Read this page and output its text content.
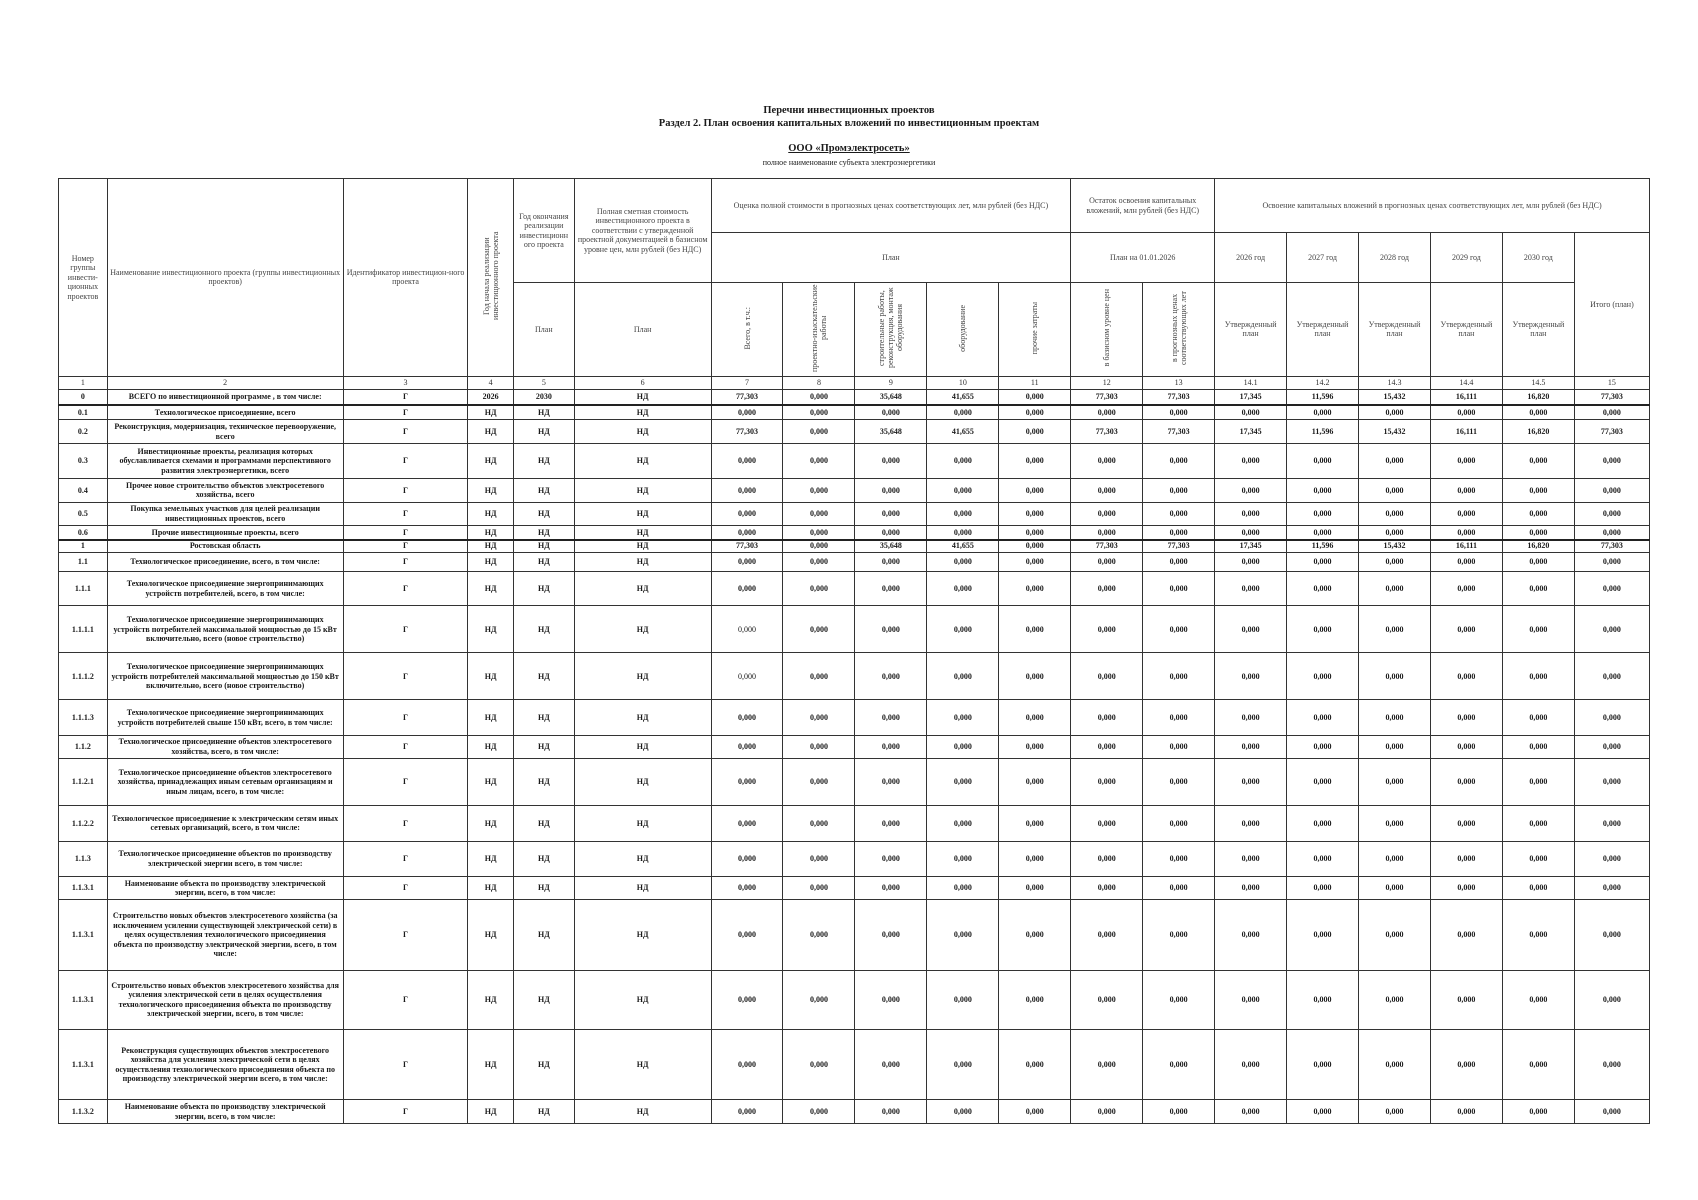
Перечни инвестиционных проектов
Раздел 2. План освоения капитальных вложений по инвестиционным проектам
ООО «Промэлектросеть»
полное наименование субъекта электроэнергетики
Номер группы инвести-ционных проектов	Наименование инвестиционного проекта (группы инвестиционных проектов)	Идентификатор инвестицион-ного проекта	Год начала реализации инвестиционного проекта	Год окончания реализации инвестиционн ого проекта	Полная сметная стоимость инвестиционного проекта в соответствии с утвержденной проектной документацией в базисном уровне цен, млн рублей (без НДС)	Оценка полной стоимости в прогнозных ценах соответствующих лет, млн рублей (без НДС)					Остаток освоения капитальных вложений, млн рублей (без НДС)		Освоение капитальных вложений в прогнозных ценах соответствующих лет, млн рублей (без НДС)					
						План					План на 01.01.2026		2026 год	2027 год	2028 год	2029 год	2030 год	Итого (план)
				План	План	Всего, в т.ч.:	проектно-изыскательские работы	строительные работы, реконструкция, монтаж оборудования	оборудование	прочие затраты	в базисном уровне цен	в прогнозных ценах соответствующих лет	Утвержденный план	Утвержденный план	Утвержденный план	Утвержденный план	Утвержденный план	
1	2	3	4	5	6	7	8	9	10	11	12	13	14.1	14.2	14.3	14.4	14.5	15
0	ВСЕГО по инвестиционной программе , в том числе:	Г	2026	2030	НД	77,303	0,000	35,648	41,655	0,000	77,303	77,303	17,345	11,596	15,432	16,111	16,820	77,303
0.1	Технологическое присоединение, всего	Г	НД	НД	НД	0,000	0,000	0,000	0,000	0,000	0,000	0,000	0,000	0,000	0,000	0,000	0,000	0,000
0.2	Реконструкция, модернизация, техническое перевооружение, всего	Г	НД	НД	НД	77,303	0,000	35,648	41,655	0,000	77,303	77,303	17,345	11,596	15,432	16,111	16,820	77,303
0.3	Инвестиционные проекты, реализация которых обуславливается схемами и программами перспективного развития электроэнергетики, всего	Г	НД	НД	НД	0,000	0,000	0,000	0,000	0,000	0,000	0,000	0,000	0,000	0,000	0,000	0,000	0,000
0.4	Прочее новое строительство объектов электросетевого хозяйства, всего	Г	НД	НД	НД	0,000	0,000	0,000	0,000	0,000	0,000	0,000	0,000	0,000	0,000	0,000	0,000	0,000
0.5	Покупка земельных участков для целей реализации инвестиционных проектов, всего	Г	НД	НД	НД	0,000	0,000	0,000	0,000	0,000	0,000	0,000	0,000	0,000	0,000	0,000	0,000	0,000
0.6	Прочие инвестиционные проекты, всего	Г	НД	НД	НД	0,000	0,000	0,000	0,000	0,000	0,000	0,000	0,000	0,000	0,000	0,000	0,000	0,000
1	Ростовская область	Г	НД	НД	НД	77,303	0,000	35,648	41,655	0,000	77,303	77,303	17,345	11,596	15,432	16,111	16,820	77,303
1.1	Технологическое присоединение, всего, в том числе:	Г	НД	НД	НД	0,000	0,000	0,000	0,000	0,000	0,000	0,000	0,000	0,000	0,000	0,000	0,000	0,000
1.1.1	Технологическое присоединение энергопринимающих устройств потребителей, всего, в том числе:	Г	НД	НД	НД	0,000	0,000	0,000	0,000	0,000	0,000	0,000	0,000	0,000	0,000	0,000	0,000	0,000
1.1.1.1	Технологическое присоединение энергопринимающих устройств потребителей максимальной мощностью до 15 кВт включительно, всего (новое строительство)	Г	НД	НД	НД	0,000	0,000	0,000	0,000	0,000	0,000	0,000	0,000	0,000	0,000	0,000	0,000	0,000
1.1.1.2	Технологическое присоединение энергопринимающих устройств потребителей максимальной мощностью до 150 кВт включительно, всего (новое строительство)	Г	НД	НД	НД	0,000	0,000	0,000	0,000	0,000	0,000	0,000	0,000	0,000	0,000	0,000	0,000	0,000
1.1.1.3	Технологическое присоединение энергопринимающих устройств потребителей свыше 150 кВт, всего, в том числе:	Г	НД	НД	НД	0,000	0,000	0,000	0,000	0,000	0,000	0,000	0,000	0,000	0,000	0,000	0,000	0,000
1.1.2	Технологическое присоединение объектов электросетевого хозяйства, всего, в том числе:	Г	НД	НД	НД	0,000	0,000	0,000	0,000	0,000	0,000	0,000	0,000	0,000	0,000	0,000	0,000	0,000
1.1.2.1	Технологическое присоединение объектов электросетевого хозяйства, принадлежащих иным сетевым организациям и иным лицам, всего, в том числе:	Г	НД	НД	НД	0,000	0,000	0,000	0,000	0,000	0,000	0,000	0,000	0,000	0,000	0,000	0,000	0,000
1.1.2.2	Технологическое присоединение к электрическим сетям иных сетевых организаций, всего, в том числе:	Г	НД	НД	НД	0,000	0,000	0,000	0,000	0,000	0,000	0,000	0,000	0,000	0,000	0,000	0,000	0,000
1.1.3	Технологическое присоединение объектов по производству электрической энергии всего, в том числе:	Г	НД	НД	НД	0,000	0,000	0,000	0,000	0,000	0,000	0,000	0,000	0,000	0,000	0,000	0,000	0,000
1.1.3.1	Наименование объекта по производству электрической энергии, всего, в том числе:	Г	НД	НД	НД	0,000	0,000	0,000	0,000	0,000	0,000	0,000	0,000	0,000	0,000	0,000	0,000	0,000
1.1.3.1	Строительство новых объектов электросетевого хозяйства (за исключением усилении существующей электрической сети) в целях осуществления технологического присоединения объекта по производству электрической энергии, всего, в том числе:	Г	НД	НД	НД	0,000	0,000	0,000	0,000	0,000	0,000	0,000	0,000	0,000	0,000	0,000	0,000	0,000
1.1.3.1	Строительство новых объектов электросетевого хозяйства для усиления электрической сети в целях осуществления технологического присоединения объекта по производству электрической энергии, всего, в том числе:	Г	НД	НД	НД	0,000	0,000	0,000	0,000	0,000	0,000	0,000	0,000	0,000	0,000	0,000	0,000	0,000
1.1.3.1	Реконструкция существующих объектов электросетевого хозяйства для усиления электрической сети в целях осуществления технологического присоединения объекта по производству электрической энергии всего, в том числе:	Г	НД	НД	НД	0,000	0,000	0,000	0,000	0,000	0,000	0,000	0,000	0,000	0,000	0,000	0,000	0,000
1.1.3.2	Наименование объекта по производству электрической энергии, всего, в том числе:	Г	НД	НД	НД	0,000	0,000	0,000	0,000	0,000	0,000	0,000	0,000	0,000	0,000	0,000	0,000	0,000
